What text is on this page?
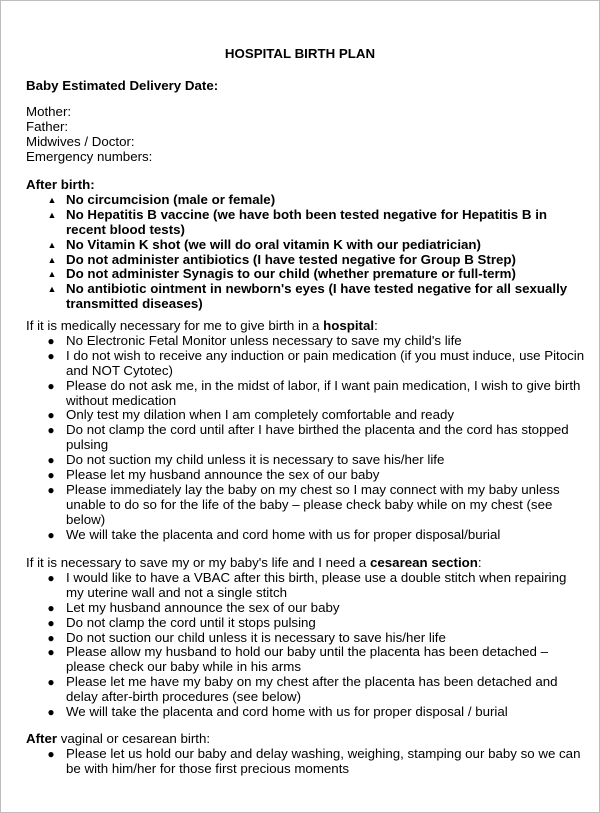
HOSPITAL BIRTH PLAN
Baby Estimated Delivery Date:
Mother:
Father:
Midwives / Doctor:
Emergency numbers:
After birth:
▲ No circumcision (male or female)
▲ No Hepatitis B vaccine (we have both been tested negative for Hepatitis B in recent blood tests)
▲ No Vitamin K shot (we will do oral vitamin K with our pediatrician)
▲ Do not administer antibiotics (I have tested negative for Group B Strep)
▲ Do not administer Synagis to our child (whether premature or full-term)
▲ No antibiotic ointment in newborn's eyes (I have tested negative for all sexually transmitted diseases)
If it is medically necessary for me to give birth in a hospital:
● No Electronic Fetal Monitor unless necessary to save my child's life
● I do not wish to receive any induction or pain medication (if you must induce, use Pitocin and NOT Cytotec)
● Please do not ask me, in the midst of labor, if I want pain medication, I wish to give birth without medication
● Only test my dilation when I am completely comfortable and ready
● Do not clamp the cord until after I have birthed the placenta and the cord has stopped pulsing
● Do not suction my child unless it is necessary to save his/her life
● Please let my husband announce the sex of our baby
● Please immediately lay the baby on my chest so I may connect with my baby unless unable to do so for the life of the baby – please check baby while on my chest (see below)
● We will take the placenta and cord home with us for proper disposal/burial
If it is necessary to save my or my baby's life and I need a cesarean section:
● I would like to have a VBAC after this birth, please use a double stitch when repairing my uterine wall and not a single stitch
● Let my husband announce the sex of our baby
● Do not clamp the cord until it stops pulsing
● Do not suction our child unless it is necessary to save his/her life
● Please allow my husband to hold our baby until the placenta has been detached – please check our baby while in his arms
● Please let me have my baby on my chest after the placenta has been detached and delay after-birth procedures (see below)
● We will take the placenta and cord home with us for proper disposal / burial
After vaginal or cesarean birth:
● Please let us hold our baby and delay washing, weighing, stamping our baby so we can be with him/her for those first precious moments
